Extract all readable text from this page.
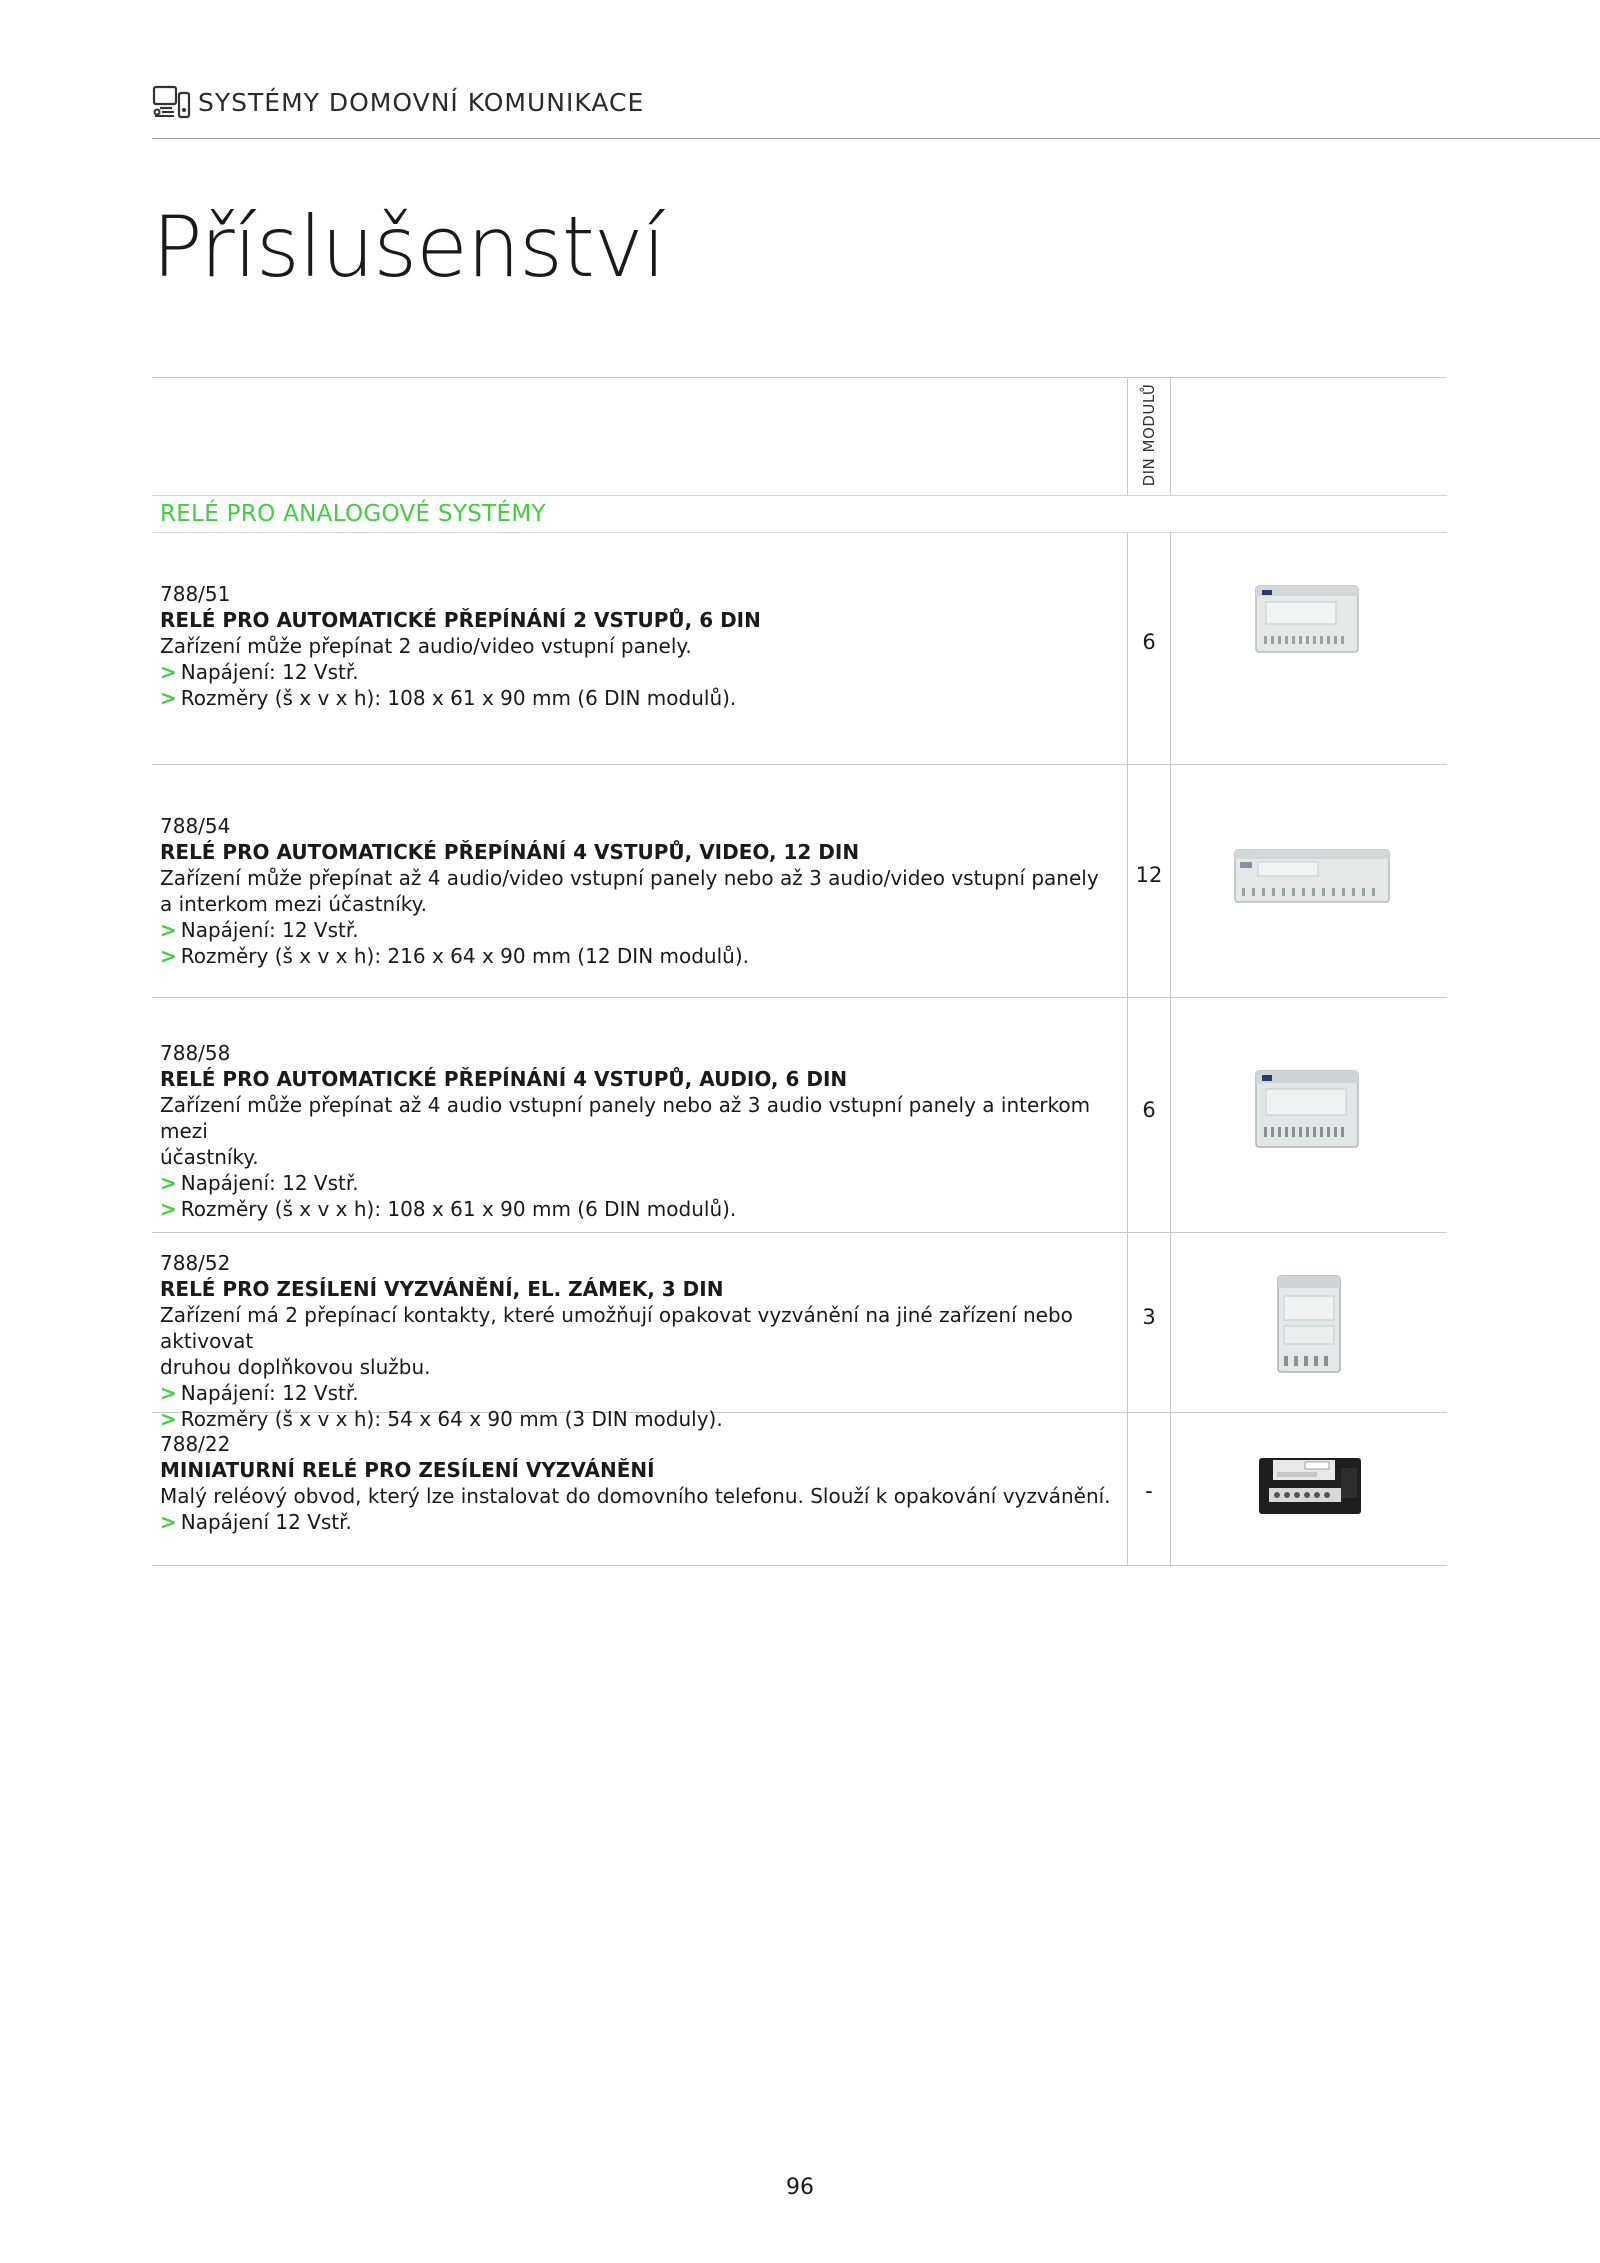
SYSTÉMY DOMOVNÍ KOMUNIKACE
Příslušenství
DIN MODULŮ
RELÉ PRO ANALOGOVÉ SYSTÉMY
788/51
RELÉ PRO AUTOMATICKÉ PŘEPÍNÁNÍ 2 VSTUPŮ, 6 DIN
Zařízení může přepínat 2 audio/video vstupní panely.
> Napájení: 12 Vstř.
> Rozměry (š x v x h): 108 x 61 x 90 mm (6 DIN modulů).
6
788/54
RELÉ PRO AUTOMATICKÉ PŘEPÍNÁNÍ 4 VSTUPŮ, VIDEO, 12 DIN
Zařízení může přepínat až 4 audio/video vstupní panely nebo až 3 audio/video vstupní panely
a interkom mezi účastníky.
> Napájení: 12 Vstř.
> Rozměry (š x v x h): 216 x 64 x 90 mm (12 DIN modulů).
12
788/58
RELÉ PRO AUTOMATICKÉ PŘEPÍNÁNÍ 4 VSTUPŮ, AUDIO, 6 DIN
Zařízení může přepínat až 4 audio vstupní panely nebo až 3 audio vstupní panely a interkom mezi
účastníky.
> Napájení: 12 Vstř.
> Rozměry (š x v x h): 108 x 61 x 90 mm (6 DIN modulů).
6
788/52
RELÉ PRO ZESÍLENÍ VYZVÁNĚNÍ, EL. ZÁMEK, 3 DIN
Zařízení má 2 přepínací kontakty, které umožňují opakovat vyzvánění na jiné zařízení nebo aktivovat
druhou doplňkovou službu.
> Napájení: 12 Vstř.
> Rozměry (š x v x h): 54 x 64 x 90 mm (3 DIN moduly).
3
788/22
MINIATURNÍ RELÉ PRO ZESÍLENÍ VYZVÁNĚNÍ
Malý reléový obvod, který lze instalovat do domovního telefonu. Slouží k opakování vyzvánění.
> Napájení 12 Vstř.
-
96
